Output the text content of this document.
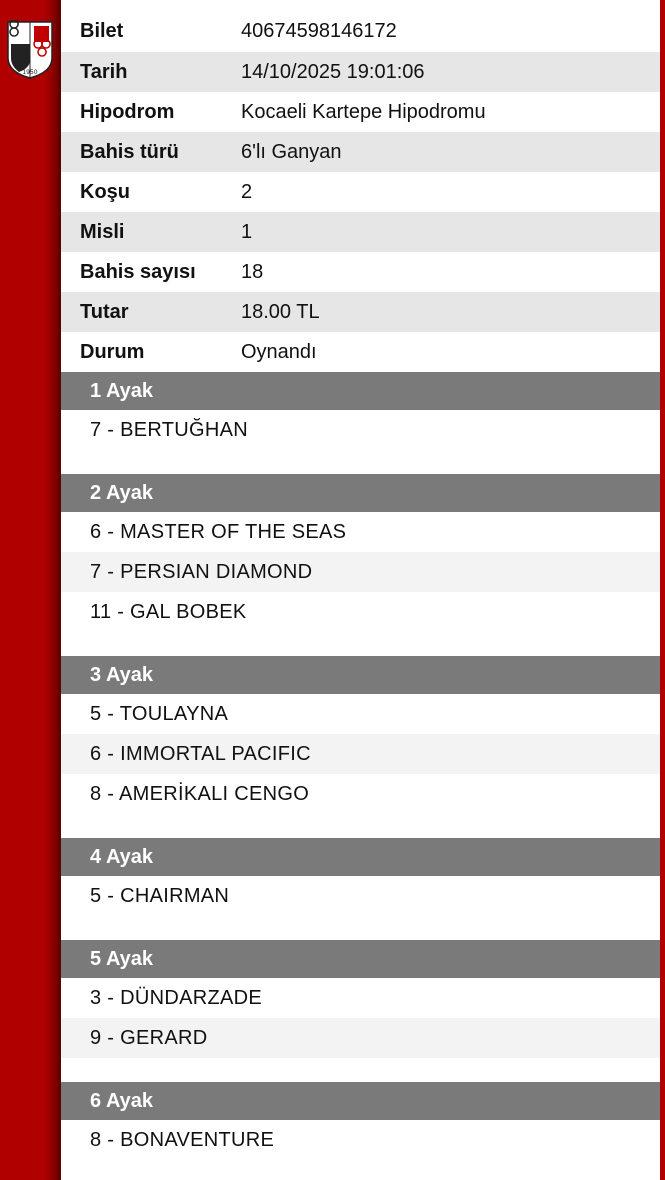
1950
Bilet	40674598146172
Tarih	14/10/2025 19:01:06
Hipodrom	Kocaeli Kartepe Hipodromu
Bahis türü	6'lı Ganyan
Koşu	2
Misli	1
Bahis sayısı	18
Tutar	18.00 TL
Durum	Oynandı
1 Ayak
7 - BERTUĞHAN
2 Ayak
6 - MASTER OF THE SEAS
7 - PERSIAN DIAMOND
11 - GAL BOBEK
3 Ayak
5 - TOULAYNA
6 - IMMORTAL PACIFIC
8 - AMERİKALI CENGO
4 Ayak
5 - CHAIRMAN
5 Ayak
3 - DÜNDARZADE
9 - GERARD
6 Ayak
8 - BONAVENTURE
